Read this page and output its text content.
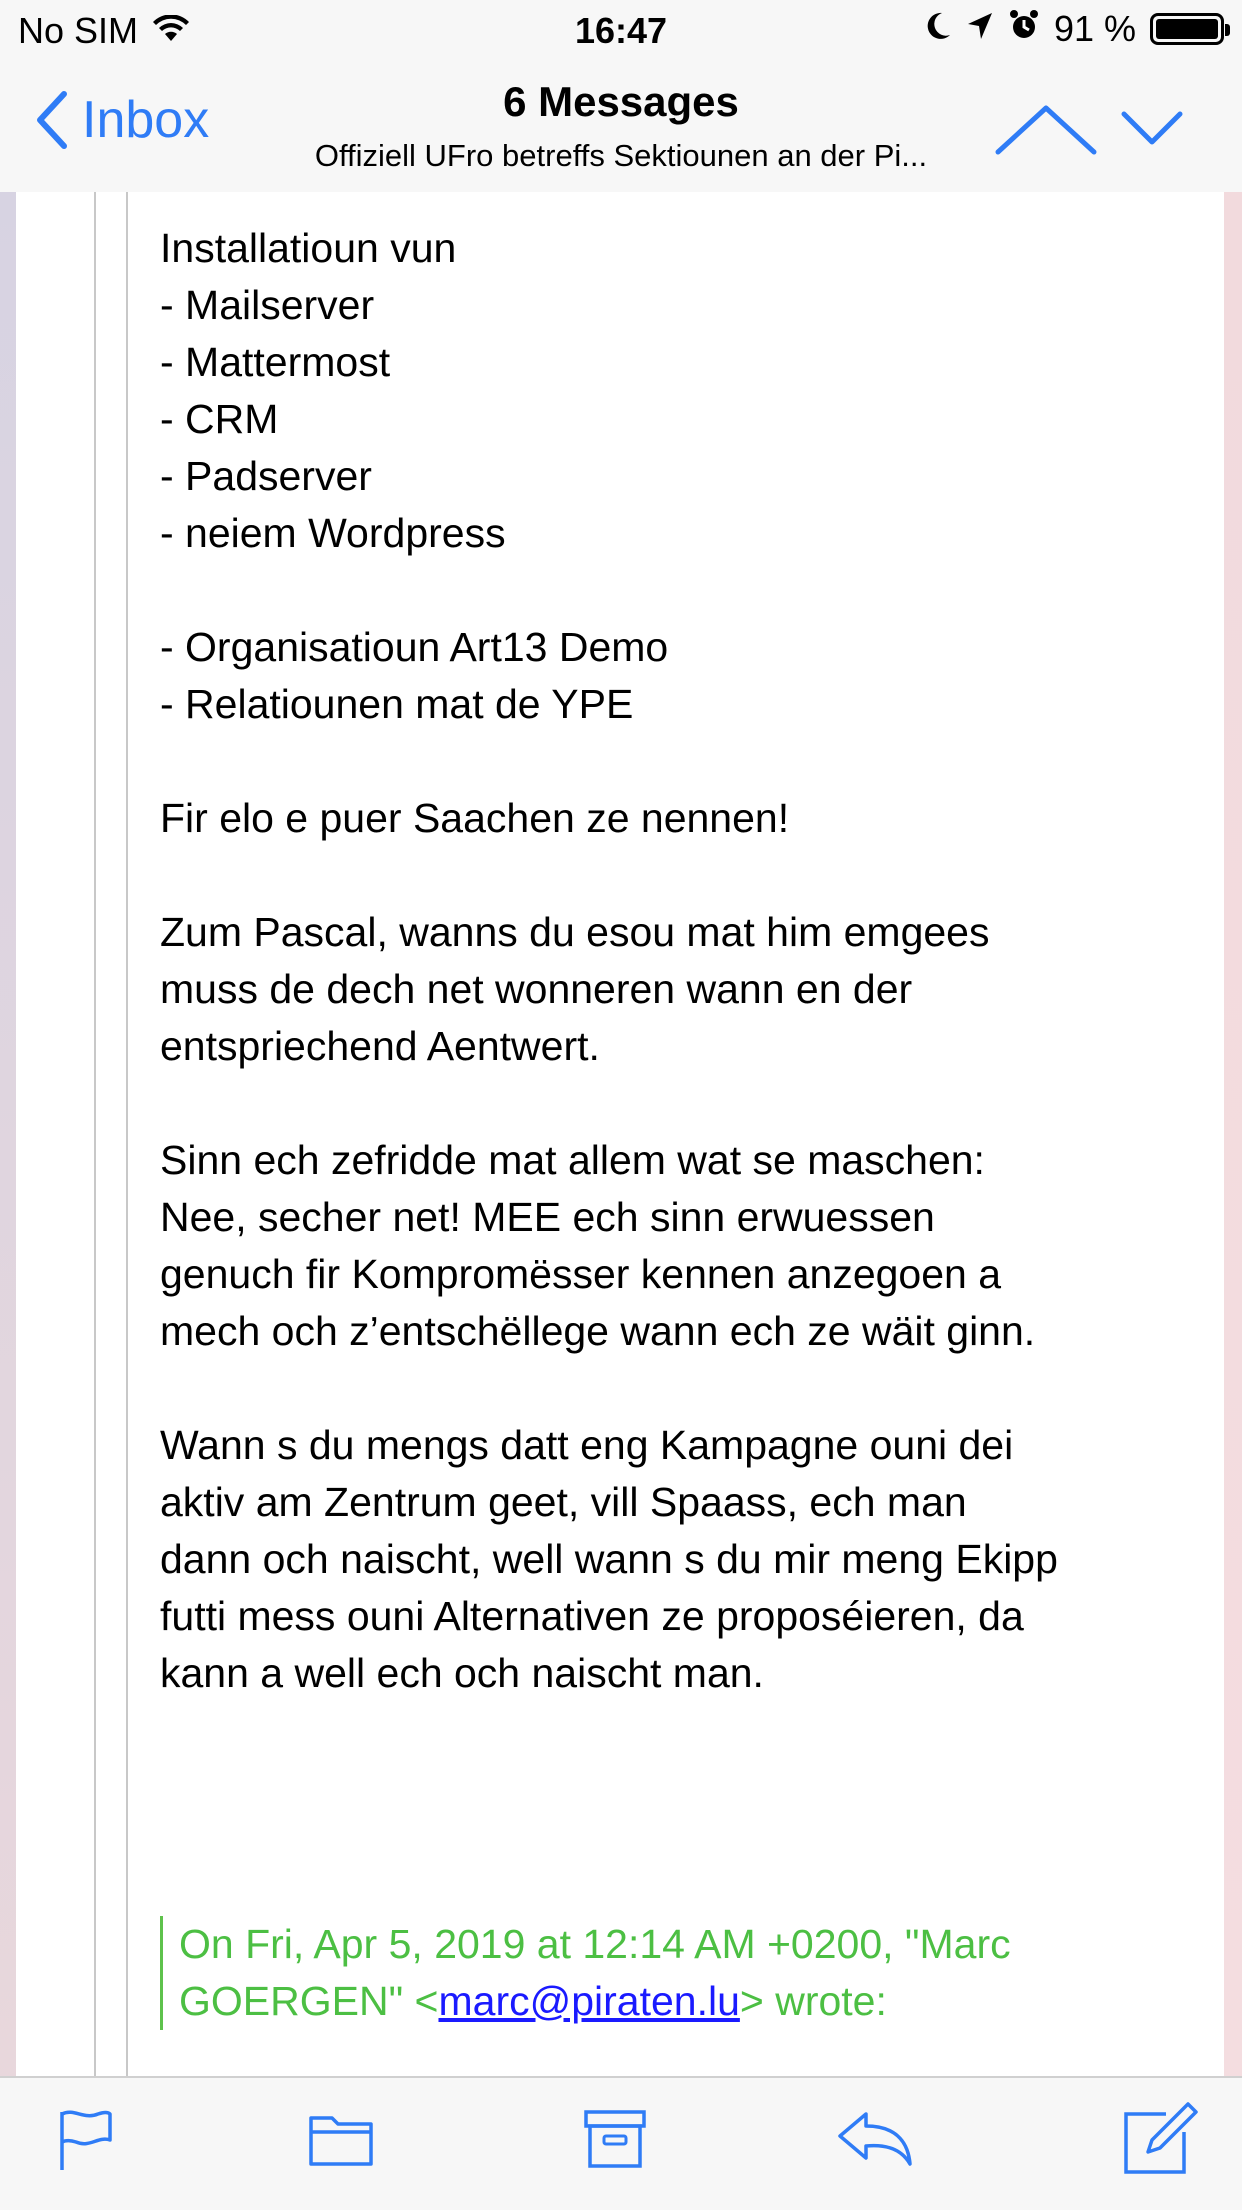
No SIM	16:47	91 %
Inbox	6 Messages
Offiziell UFro betreffs Sektiounen an der Pi...
Installatioun vun
- Mailserver
- Mattermost
- CRM
- Padserver
- neiem Wordpress
- Organisatioun Art13 Demo
- Relatiounen mat de YPE
Fir elo e puer Saachen ze nennen!
Zum Pascal, wanns du esou mat him emgees
muss de dech net wonneren wann en der
entspriechend Aentwert.
Sinn ech zefridde mat allem wat se maschen:
Nee, secher net! MEE ech sinn erwuessen
genuch fir Kompromësser kennen anzegoen a
mech och z’entschëllege wann ech ze wäit ginn.
Wann s du mengs datt eng Kampagne ouni dei
aktiv am Zentrum geet, vill Spaass, ech man
dann och naischt, well wann s du mir meng Ekipp
futti mess ouni Alternativen ze proposéieren, da
kann a well ech och naischt man.
On Fri, Apr 5, 2019 at 12:14 AM +0200, "Marc
GOERGEN" <marc@piraten.lu> wrote:
